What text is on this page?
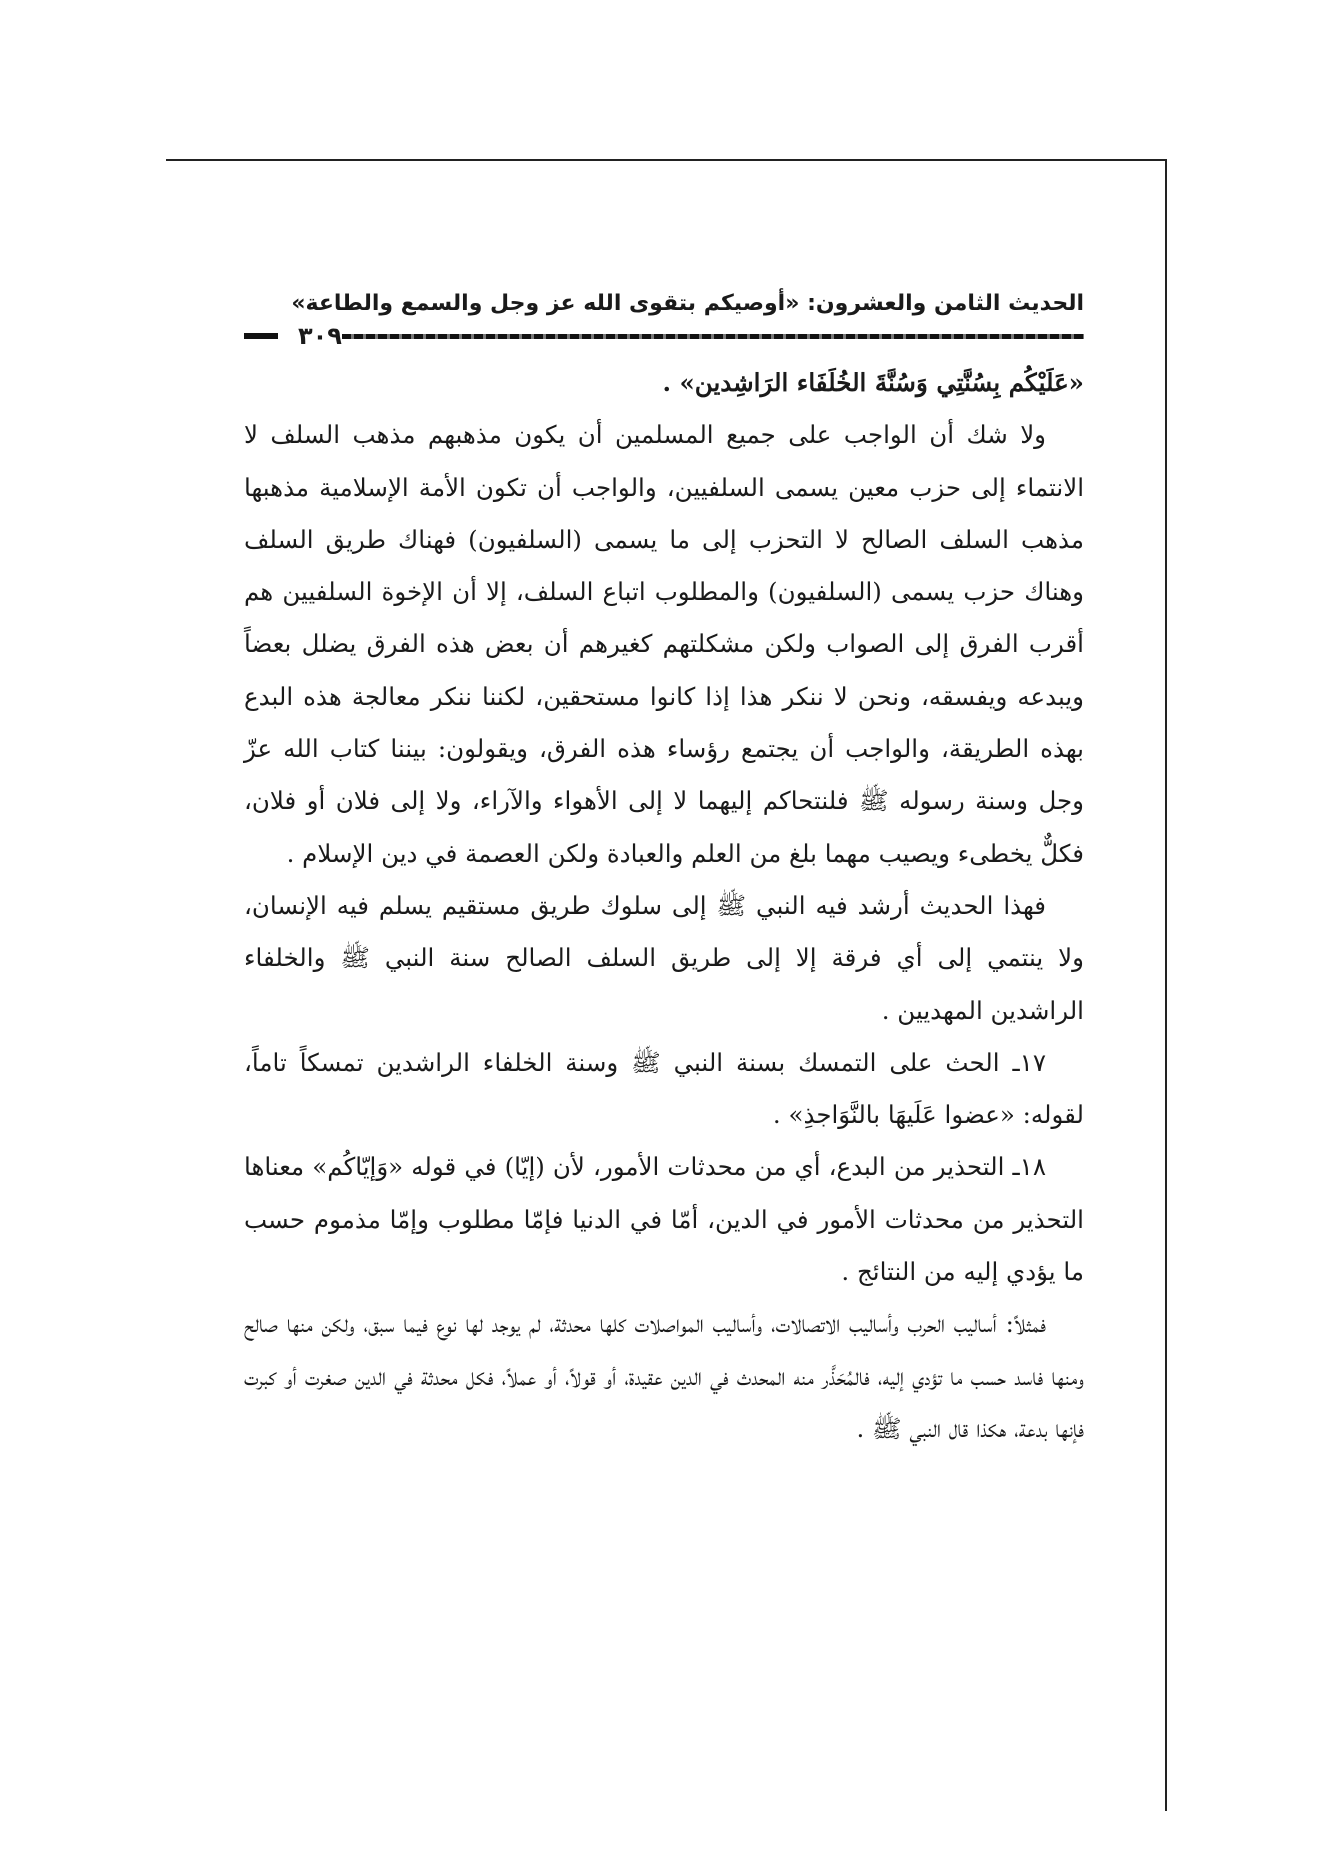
الحديث الثامن والعشرون: «أوصيكم بتقوى الله عز وجل والسمع والطاعة»
٣٠٩

«عَلَيْكُم بِسُنَّتِي وَسُنَّةَ الخُلَفَاء الرَاشِدين» .

ولا شك أن الواجب على جميع المسلمين أن يكون مذهبهم مذهب السلف لا الانتماء إلى حزب معين يسمى السلفيين، والواجب أن تكون الأمة الإسلامية مذهبها مذهب السلف الصالح لا التحزب إلى ما يسمى (السلفيون) فهناك طريق السلف وهناك حزب يسمى (السلفيون) والمطلوب اتباع السلف، إلا أن الإخوة السلفيين هم أقرب الفرق إلى الصواب ولكن مشكلتهم كغيرهم أن بعض هذه الفرق يضلل بعضاً ويبدعه ويفسقه، ونحن لا ننكر هذا إذا كانوا مستحقين، لكننا ننكر معالجة هذه البدع بهذه الطريقة، والواجب أن يجتمع رؤساء هذه الفرق، ويقولون: بيننا كتاب الله عزّ وجل وسنة رسوله ﷺ فلنتحاكم إليهما لا إلى الأهواء والآراء، ولا إلى فلان أو فلان، فكلٌّ يخطىء ويصيب مهما بلغ من العلم والعبادة ولكن العصمة في دين الإسلام .

فهذا الحديث أرشد فيه النبي ﷺ إلى سلوك طريق مستقيم يسلم فيه الإنسان، ولا ينتمي إلى أي فرقة إلا إلى طريق السلف الصالح سنة النبي ﷺ والخلفاء الراشدين المهديين .

١٧ـ الحث على التمسك بسنة النبي ﷺ وسنة الخلفاء الراشدين تمسكاً تاماً، لقوله: «عضوا عَلَيهَا بالنَّوَاجذِ» .

١٨ـ التحذير من البدع، أي من محدثات الأمور، لأن (إيّا) في قوله «وَإيّاكُم» معناها التحذير من محدثات الأمور في الدين، أمّا في الدنيا فإمّا مطلوب وإمّا مذموم حسب ما يؤدي إليه من النتائج .

فمثلاً: أساليب الحرب وأساليب الاتصالات، وأساليب المواصلات كلها محدثة، لم يوجد لها نوع فيما سبق، ولكن منها صالح ومنها فاسد حسب ما تؤدي إليه، فالمُحَذَّر منه المحدث في الدين عقيدة، أو قولاً، أو عملاً، فكل محدثة في الدين صغرت أو كبرت فإنها بدعة، هكذا قال النبي ﷺ .
